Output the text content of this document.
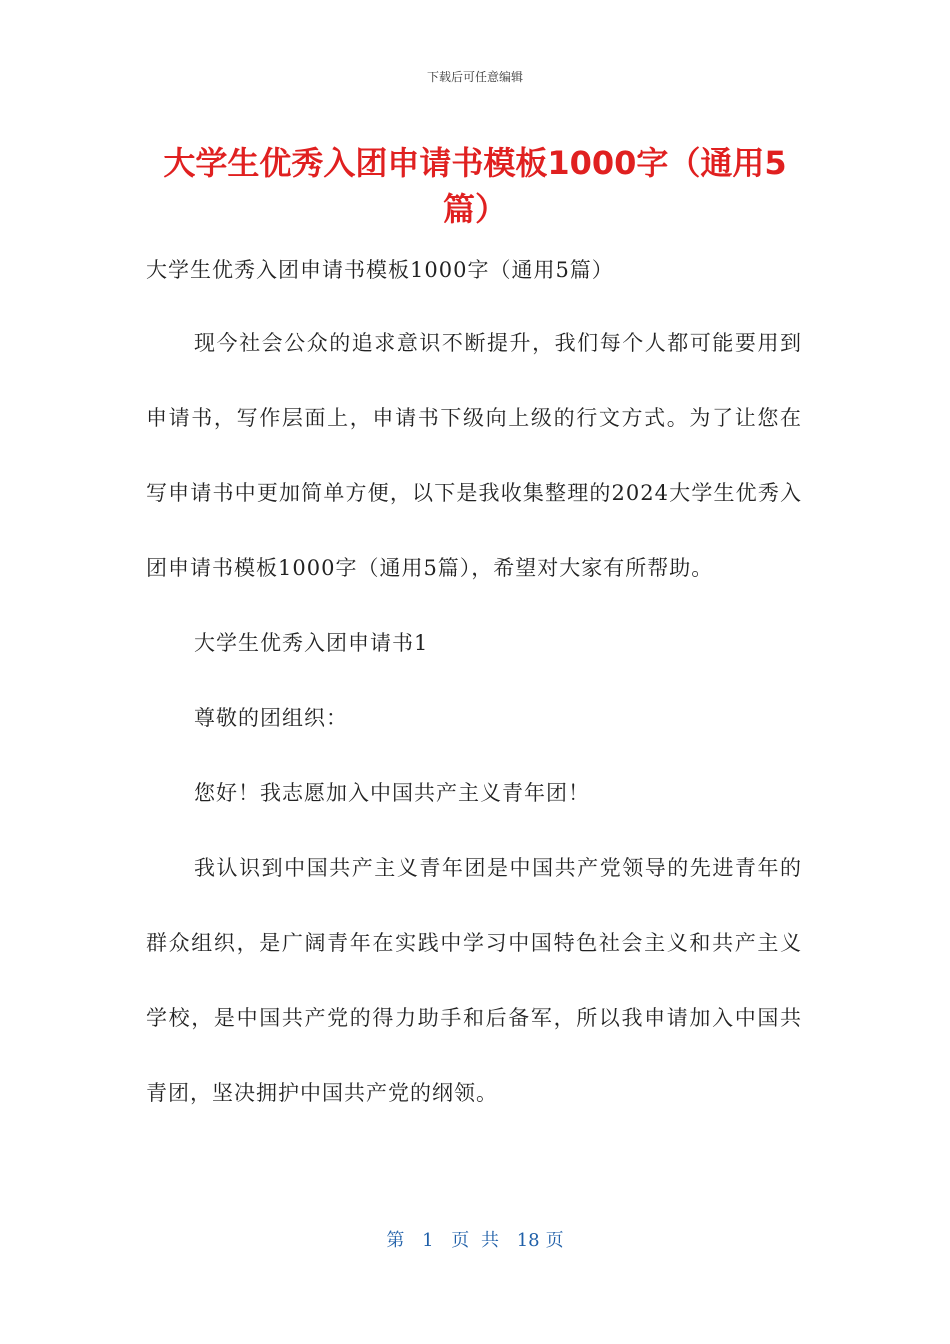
下载后可任意编辑
大学生优秀入团申请书模板1000字（通用5篇）

大学生优秀入团申请书模板1000字（通用5篇）

现今社会公众的追求意识不断提升，我们每个人都可能要用到申请书，写作层面上，申请书下级向上级的行文方式。为了让您在写申请书中更加简单方便，以下是我收集整理的2024大学生优秀入团申请书模板1000字（通用5篇），希望对大家有所帮助。

大学生优秀入团申请书1

尊敬的团组织：

您好！我志愿加入中国共产主义青年团！

我认识到中国共产主义青年团是中国共产党领导的先进青年的群众组织，是广阔青年在实践中学习中国特色社会主义和共产主义学校，是中国共产党的得力助手和后备军，所以我申请加入中国共青团，坚决拥护中国共产党的纲领。

第 1 页 共 18 页
